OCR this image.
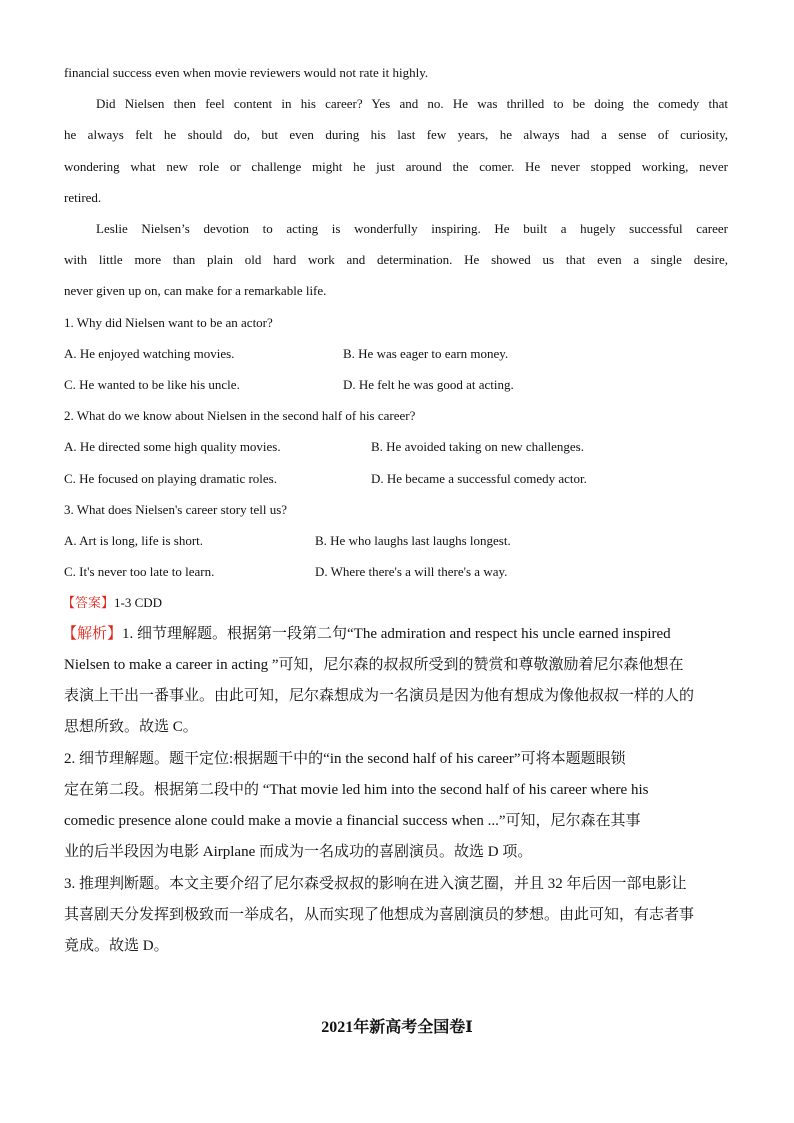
financial success even when movie reviewers would not rate it highly.
Did Nielsen then feel content in his career? Yes and no. He was thrilled to be doing the comedy that
he always felt he should do, but even during his last few years, he always had a sense of curiosity,
wondering what new role or challenge might he just around the comer. He never stopped working, never
retired.
Leslie Nielsen’s devotion to acting is wonderfully inspiring. He built a hugely successful career
with little more than plain old hard work and determination. He showed us that even a single desire,
never given up on, can make for a remarkable life.
1. Why did Nielsen want to be an actor?
A. He enjoyed watching movies.	B. He was eager to earn money.
C. He wanted to be like his uncle.	D. He felt he was good at acting.
2. What do we know about Nielsen in the second half of his career?
A. He directed some high quality movies.	B. He avoided taking on new challenges.
C. He focused on playing dramatic roles.	D. He became a successful comedy actor.
3. What does Nielsen's career story tell us?
A. Art is long, life is short.	B. He who laughs last laughs longest.
C. It's never too late to learn.	D. Where there's a will there's a way.
【答案】1-3 CDD
【解析】1. 细节理解题。根据第一段第二句“The admiration and respect his uncle earned inspired
Nielsen to make a career in acting ”可知，尼尔森的叔叔所受到的赞赏和尊敬激励着尼尔森他想在
表演上干出一番事业。由此可知，尼尔森想成为一名演员是因为他有想成为像他叔叔一样的人的
思想所致。故选 C。
2. 细节理解题。题干定位:根据题干中的“in the second half of his career”可将本题题眼锁
定在第二段。根据第二段中的 “That movie led him into the second half of his career where his
comedic presence alone could make a movie a financial success when ...”可知，尼尔森在其事
业的后半段因为电影 Airplane 而成为一名成功的喜剧演员。故选 D 项。
3. 推理判断题。本文主要介绍了尼尔森受叔叔的影响在进入演艺圈，并且 32 年后因一部电影让
其喜剧天分发挥到极致而一举成名，从而实现了他想成为喜剧演员的梦想。由此可知，有志者事
竟成。故选 D。
2021年新高考全国卷Ⅰ
